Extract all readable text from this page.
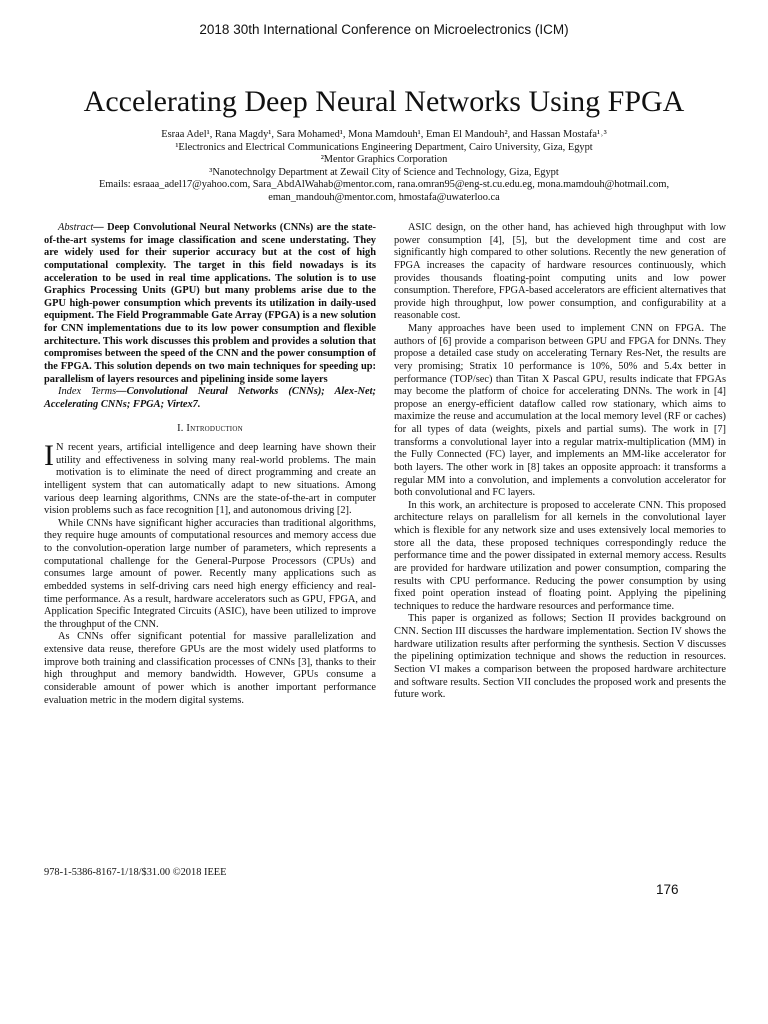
2018 30th International Conference on Microelectronics (ICM)
Accelerating Deep Neural Networks Using FPGA
Esraa Adel¹, Rana Magdy¹, Sara Mohamed¹, Mona Mamdouh¹, Eman El Mandouh², and Hassan Mostafa¹˒³
¹Electronics and Electrical Communications Engineering Department, Cairo University, Giza, Egypt
²Mentor Graphics Corporation
³Nanotechnolgy Department at Zewail City of Science and Technology, Giza, Egypt
Emails: esraaa_adel17@yahoo.com, Sara_AbdAlWahab@mentor.com, rana.omran95@eng-st.cu.edu.eg, mona.mamdouh@hotmail.com,
eman_mandouh@mentor.com, hmostafa@uwaterloo.ca

Abstract— Deep Convolutional Neural Networks (CNNs) are the state-of-the-art systems for image classification and scene understating. They are widely used for their superior accuracy but at the cost of high computational complexity. The target in this field nowadays is its acceleration to be used in real time applications. The solution is to use Graphics Processing Units (GPU) but many problems arise due to the GPU high-power consumption which prevents its utilization in daily-used equipment. The Field Programmable Gate Array (FPGA) is a new solution for CNN implementations due to its low power consumption and flexible architecture. This work discusses this problem and provides a solution that compromises between the speed of the CNN and the power consumption of the FPGA. This solution depends on two main techniques for speeding up: parallelism of layers resources and pipelining inside some layers

Index Terms—Convolutional Neural Networks (CNNs); Alex-Net; Accelerating CNNs; FPGA; Virtex7.

I. Introduction

I N recent years, artificial intelligence and deep learning have shown their utility and effectiveness in solving many real-world problems. The main motivation is to eliminate the need of direct programming and create an intelligent system that can automatically adapt to new situations. Among various deep learning algorithms, CNNs are the state-of-the-art in computer vision problems such as face recognition [1], and autonomous driving [2].

While CNNs have significant higher accuracies than traditional algorithms, they require huge amounts of computational resources and memory access due to the convolution-operation large number of parameters, which represents a computational challenge for the General-Purpose Processors (CPUs) and consumes large amount of power. Recently many applications such as embedded systems in self-driving cars need high energy efficiency and real-time performance. As a result, hardware accelerators such as GPU, FPGA, and Application Specific Integrated Circuits (ASIC), have been utilized to improve the throughput of the CNN.

As CNNs offer significant potential for massive parallelization and extensive data reuse, therefore GPUs are the most widely used platforms to improve both training and classification processes of CNNs [3], thanks to their high throughput and memory bandwidth. However, GPUs consume a considerable amount of power which is another important performance evaluation metric in the modern digital systems.

ASIC design, on the other hand, has achieved high throughput with low power consumption [4], [5], but the development time and cost are significantly high compared to other solutions. Recently the new generation of FPGA increases the capacity of hardware resources continuously, which provides thousands floating-point computing units and low power consumption. Therefore, FPGA-based accelerators are efficient alternatives that provide high throughput, low power consumption, and configurability at a reasonable cost.

Many approaches have been used to implement CNN on FPGA. The authors of [6] provide a comparison between GPU and FPGA for DNNs. They propose a detailed case study on accelerating Ternary Res-Net, the results are very promising; Stratix 10 performance is 10%, 50% and 5.4x better in performance (TOP/sec) than Titan X Pascal GPU, results indicate that FPGAs may become the platform of choice for accelerating DNNs. The work in [4] propose an energy-efficient dataflow called row stationary, which aims to maximize the reuse and accumulation at the local memory level (RF or caches) for all types of data (weights, pixels and partial sums). The work in [7] transforms a convolutional layer into a regular matrix-multiplication (MM) in the Fully Connected (FC) layer, and implements an MM-like accelerator for both layers. The other work in [8] takes an opposite approach: it transforms a regular MM into a convolution, and implements a convolution accelerator for both convolutional and FC layers.

In this work, an architecture is proposed to accelerate CNN. This proposed architecture relays on parallelism for all kernels in the convolutional layer which is flexible for any network size and uses extensively local memories to store all the data, these proposed techniques correspondingly reduce the performance time and the power dissipated in external memory access. Results are provided for hardware utilization and power consumption, comparing the results with CPU performance. Reducing the power consumption by using fixed point operation instead of floating point. Applying the pipelining techniques to reduce the hardware resources and performance time.

This paper is organized as follows; Section II provides background on CNN. Section III discusses the hardware implementation. Section IV shows the hardware utilization results after performing the synthesis. Section V discusses the pipelining optimization technique and shows the reduction in resources. Section VI makes a comparison between the proposed hardware architecture and software results. Section VII concludes the proposed work and presents the future work.

978-1-5386-8167-1/18/$31.00 ©2018 IEEE
176
